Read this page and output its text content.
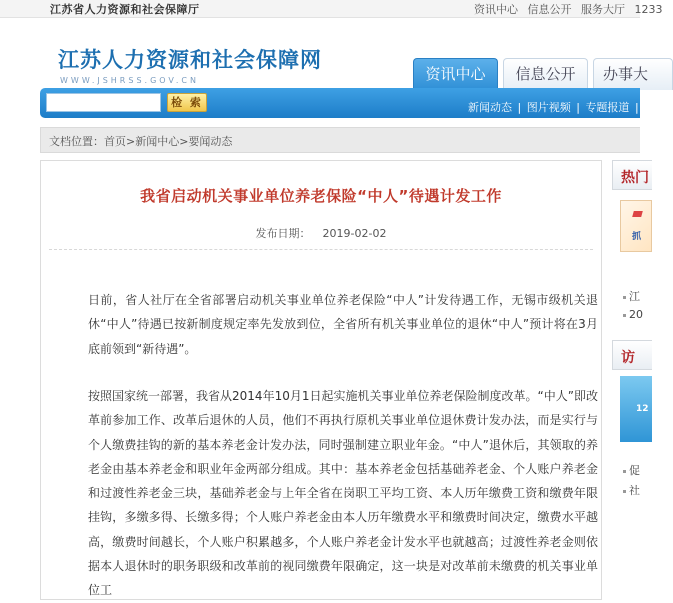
江苏省人力资源和社会保障厅	资讯中心 信息公开 服务大厅 1233
江苏人力资源和社会保障网
WWW.JSHRSS.GOV.CN	资讯中心	信息公开	办事大
检 索	新闻动态 | 图片视频 | 专题报道 | 图
文档位置：首页>新闻中心>要闻动态
我省启动机关事业单位养老保险“中人”待遇计发工作
发布日期： 2019-02-02

日前，省人社厅在全省部署启动机关事业单位养老保险“中人”计发待遇工作，无锡市级机关退休“中人”待遇已按新制度规定率先发放到位，全省所有机关事业单位的退休“中人”预计将在3月底前领到“新待遇”。

按照国家统一部署，我省从2014年10月1日起实施机关事业单位养老保险制度改革。“中人”即改革前参加工作、改革后退休的人员，他们不再执行原机关事业单位退休费计发办法，而是实行与个人缴费挂钩的新的基本养老金计发办法，同时强制建立职业年金。“中人”退休后，其领取的养老金由基本养老金和职业年金两部分组成。其中：基本养老金包括基础养老金、个人账户养老金和过渡性养老金三块，基础养老金与上年全省在岗职工平均工资、本人历年缴费工资和缴费年限挂钩，多缴多得、长缴多得；个人账户养老金由本人历年缴费水平和缴费时间决定，缴费水平越高，缴费时间越长，个人账户积累越多，个人账户养老金计发水平也就越高；过渡性养老金则依据本人退休时的职务职级和改革前的视同缴费年限确定，这一块是对改革前未缴费的机关事业单位工

热门
抓
江
20
访
12
促
社
